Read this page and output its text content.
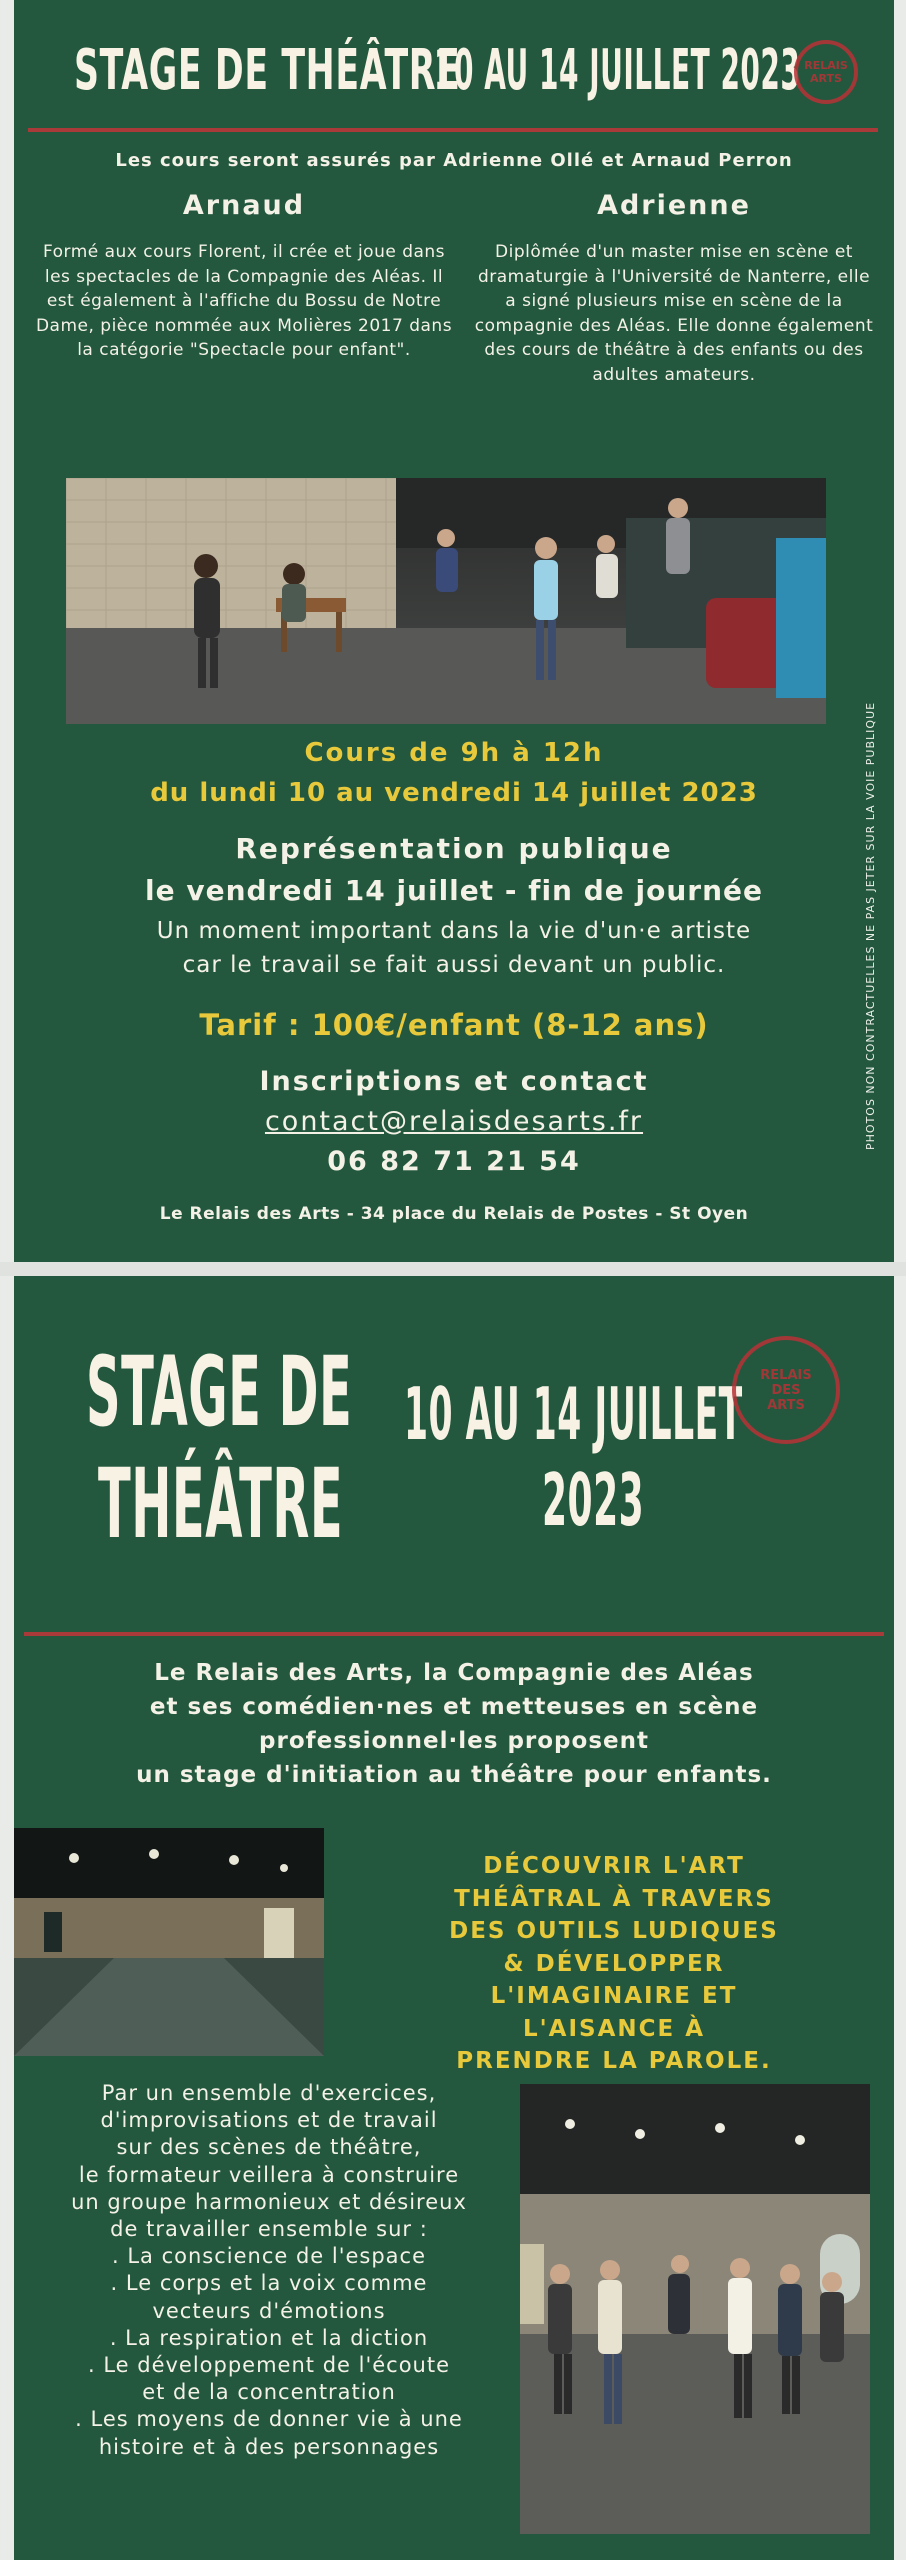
STAGE DE THÉÂTRE
10 AU 14 JUILLET 2023 RELAIS
ARTS
Les cours seront assurés par Adrienne Ollé et Arnaud Perron
Arnaud
Formé aux cours Florent, il crée et joue dans les spectacles de la Compagnie des Aléas. Il est également à l'affiche du Bossu de Notre Dame, pièce nommée aux Molières 2017 dans la catégorie "Spectacle pour enfant".
Adrienne
Diplômée d'un master mise en scène et dramaturgie à l'Université de Nanterre, elle a signé plusieurs mise en scène de la compagnie des Aléas. Elle donne également des cours de théâtre à des enfants ou des adultes amateurs.
Cours de 9h à 12h
du lundi 10 au vendredi 14 juillet 2023
Représentation publique
le vendredi 14 juillet - fin de journée
Un moment important dans la vie d'un·e artiste
car le travail se fait aussi devant un public.
Tarif : 100€/enfant (8-12 ans)
Inscriptions et contact
contact@relaisdesarts.fr
06 82 71 21 54
Le Relais des Arts - 34 place du Relais de Postes - St Oyen
PHOTOS NON CONTRACTUELLES NE PAS JETER SUR LA VOIE PUBLIQUE
STAGE DE
THÉÂTRE
10 AU 14 JUILLET
2023
RELAIS
DES
ARTS
Le Relais des Arts, la Compagnie des Aléas
et ses comédien·nes et metteuses en scène
professionnel·les proposent
un stage d'initiation au théâtre pour enfants.
DÉCOUVRIR L'ART
THÉÂTRAL À TRAVERS
DES OUTILS LUDIQUES
& DÉVELOPPER
L'IMAGINAIRE ET
L'AISANCE À
PRENDRE LA PAROLE.
Par un ensemble d'exercices,
d'improvisations et de travail
sur des scènes de théâtre,
le formateur veillera à construire
un groupe harmonieux et désireux
de travailler ensemble sur :
. La conscience de l'espace
. Le corps et la voix comme
vecteurs d'émotions
. La respiration et la diction
. Le développement de l'écoute
et de la concentration
. Les moyens de donner vie à une
histoire et à des personnages
